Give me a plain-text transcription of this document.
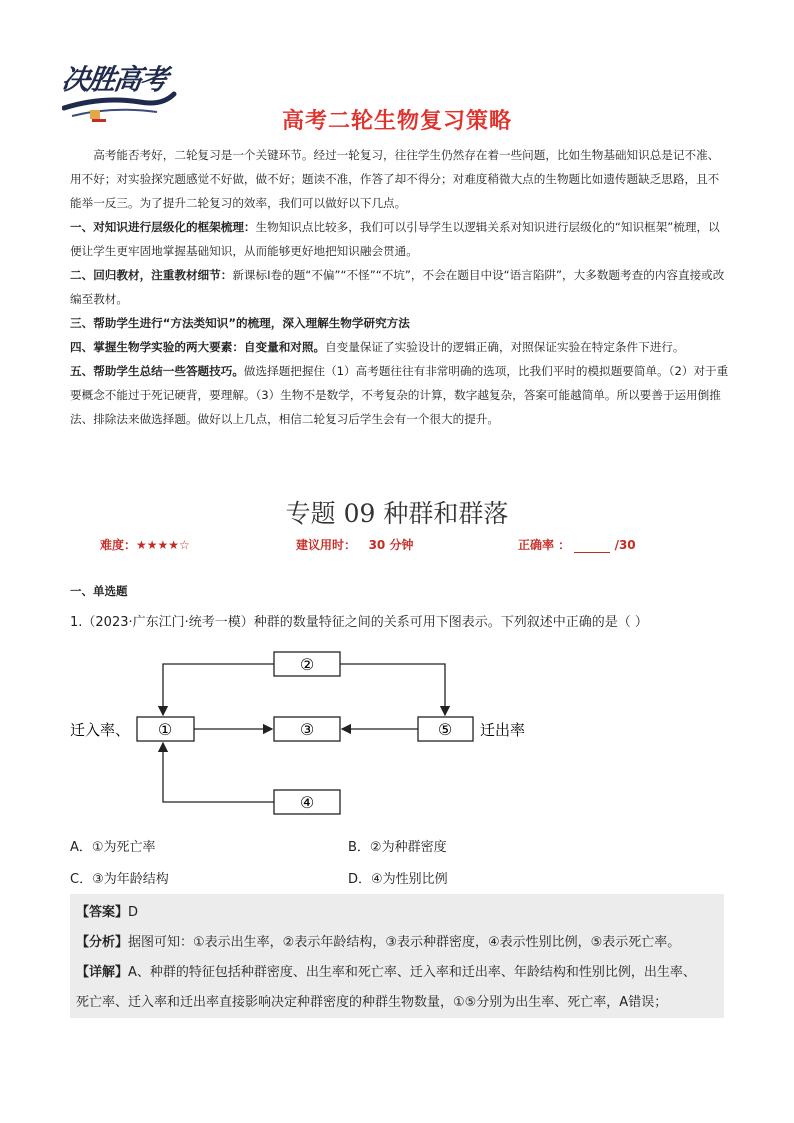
决胜高考
高考二轮生物复习策略

高考能否考好，二轮复习是一个关键环节。经过一轮复习，往往学生仍然存在着一些问题，比如生物基础知识总是记不准、用不好；对实验探究题感觉不好做，做不好；题读不准，作答了却不得分；对难度稍微大点的生物题比如遗传题缺乏思路，且不能举一反三。为了提升二轮复习的效率，我们可以做好以下几点。

一、对知识进行层级化的框架梳理：生物知识点比较多，我们可以引导学生以逻辑关系对知识进行层级化的“知识框架”梳理，以便让学生更牢固地掌握基础知识，从而能够更好地把知识融会贯通。

二、回归教材，注重教材细节：新课标Ⅰ卷的题“不偏”“不怪”“不坑”，不会在题目中设“语言陷阱”，大多数题考查的内容直接或改编至教材。

三、帮助学生进行“方法类知识”的梳理，深入理解生物学研究方法

四、掌握生物学实验的两大要素：自变量和对照。自变量保证了实验设计的逻辑正确，对照保证实验在特定条件下进行。

五、帮助学生总结一些答题技巧。做选择题把握住（1）高考题往往有非常明确的选项，比我们平时的模拟题要简单。（2）对于重要概念不能过于死记硬背，要理解。（3）生物不是数学，不考复杂的计算，数字越复杂，答案可能越简单。所以要善于运用倒推法、排除法来做选择题。做好以上几点，相信二轮复习后学生会有一个很大的提升。

专题 09 种群和群落
难度：★★★★☆	建议用时： 30 分钟	正确率 ：	/30
一、单选题
1.（2023·广东江门·统考一模）种群的数量特征之间的关系可用下图表示。下列叙述中正确的是（ ）
②
①	③	⑤
④
迁入率、	迁出率
A．①为死亡率	B．②为种群密度
C．③为年龄结构	D．④为性别比例
【答案】D
【分析】据图可知：①表示出生率，②表示年龄结构，③表示种群密度，④表示性别比例，⑤表示死亡率。
【详解】A、种群的特征包括种群密度、出生率和死亡率、迁入率和迁出率、年龄结构和性别比例，出生率、
死亡率、迁入率和迁出率直接影响决定种群密度的种群生物数量，①⑤分别为出生率、死亡率，A错误；
